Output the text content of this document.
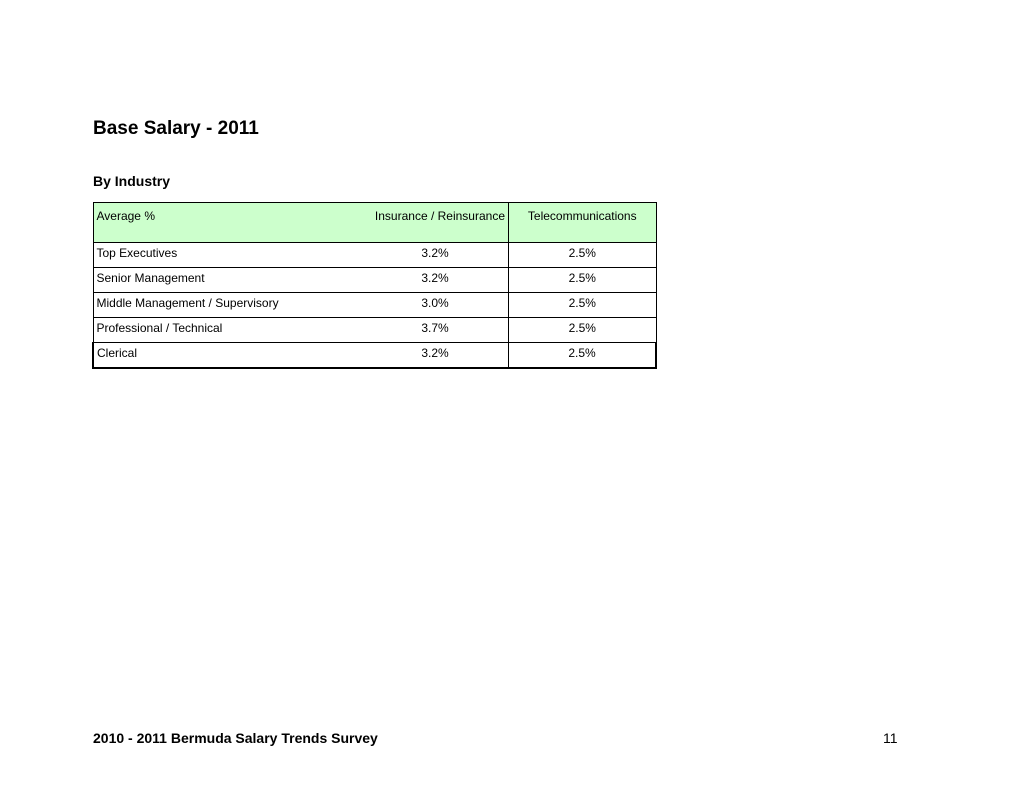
Base Salary - 2011
By Industry
Average %	Insurance / Reinsurance	Telecommunications
Top Executives	3.2%	2.5%
Senior Management	3.2%	2.5%
Middle Management / Supervisory	3.0%	2.5%
Professional / Technical	3.7%	2.5%
Clerical	3.2%	2.5%

2010 - 2011 Bermuda Salary Trends Survey	11
